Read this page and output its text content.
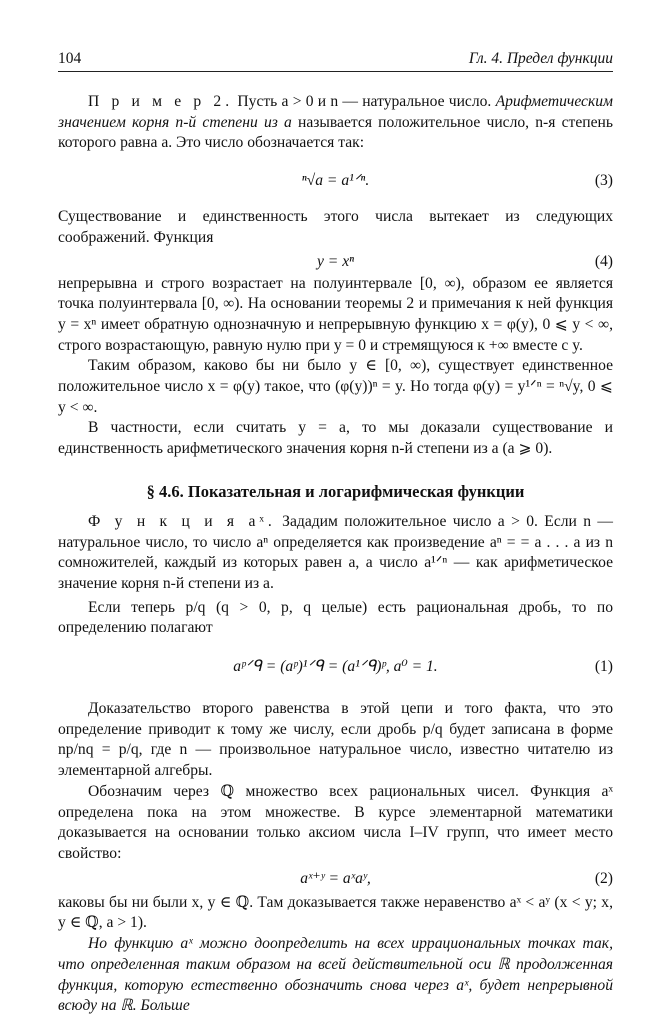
104	Гл. 4. Предел функции

П р и м е р 2. Пусть a > 0 и n — натуральное число. Арифметическим значением корня n-й степени из a называется положительное число, n-я степень которого равна a. Это число обозначается так:

ⁿ√a = a¹ᐟⁿ.	(3)

Существование и единственность этого числа вытекает из следующих соображений. Функция

y = xⁿ	(4)

непрерывна и строго возрастает на полуинтервале [0, ∞), образом ее является точка полуинтервала [0, ∞). На основании теоремы 2 и примечания к ней функция y = xⁿ имеет обратную однозначную и непрерывную функцию x = φ(y), 0 ⩽ y < ∞, строго возрастающую, равную нулю при y = 0 и стремящуюся к +∞ вместе с y.

Таким образом, каково бы ни было y ∈ [0, ∞), существует единственное положительное число x = φ(y) такое, что (φ(y))ⁿ = y. Но тогда φ(y) = y¹ᐟⁿ = ⁿ√y, 0 ⩽ y < ∞.

В частности, если считать y = a, то мы доказали существование и единственность арифметического значения корня n-й степени из a (a ⩾ 0).

§ 4.6. Показательная и логарифмическая функции

Ф у н к ц и я aˣ. Зададим положительное число a > 0. Если n — натуральное число, то число aⁿ определяется как произведение aⁿ = = a . . . a из n сомножителей, каждый из которых равен a, а число a¹ᐟⁿ — как арифметическое значение корня n-й степени из a.

Если теперь p/q (q > 0, p, q целые) есть рациональная дробь, то по определению полагают

aᵖᐟᑫ = (aᵖ)¹ᐟᑫ = (a¹ᐟᑫ)ᵖ, a⁰ = 1.	(1)

Доказательство второго равенства в этой цепи и того факта, что это определение приводит к тому же числу, если дробь p/q будет записана в форме np/nq = p/q, где n — произвольное натуральное число, известно читателю из элементарной алгебры.

Обозначим через ℚ множество всех рациональных чисел. Функция aˣ определена пока на этом множестве. В курсе элементарной математики доказывается на основании только аксиом числа I–IV групп, что имеет место свойство:

aˣ⁺ʸ = aˣaʸ,	(2)

каковы бы ни были x, y ∈ ℚ. Там доказывается также неравенство aˣ < aʸ (x < y; x, y ∈ ℚ, a > 1).

Но функцию aˣ можно доопределить на всех иррациональных точках так, что определенная таким образом на всей действительной оси ℝ продолженная функция, которую естественно обозначить снова через aˣ, будет непрерывной всюду на ℝ. Больше
